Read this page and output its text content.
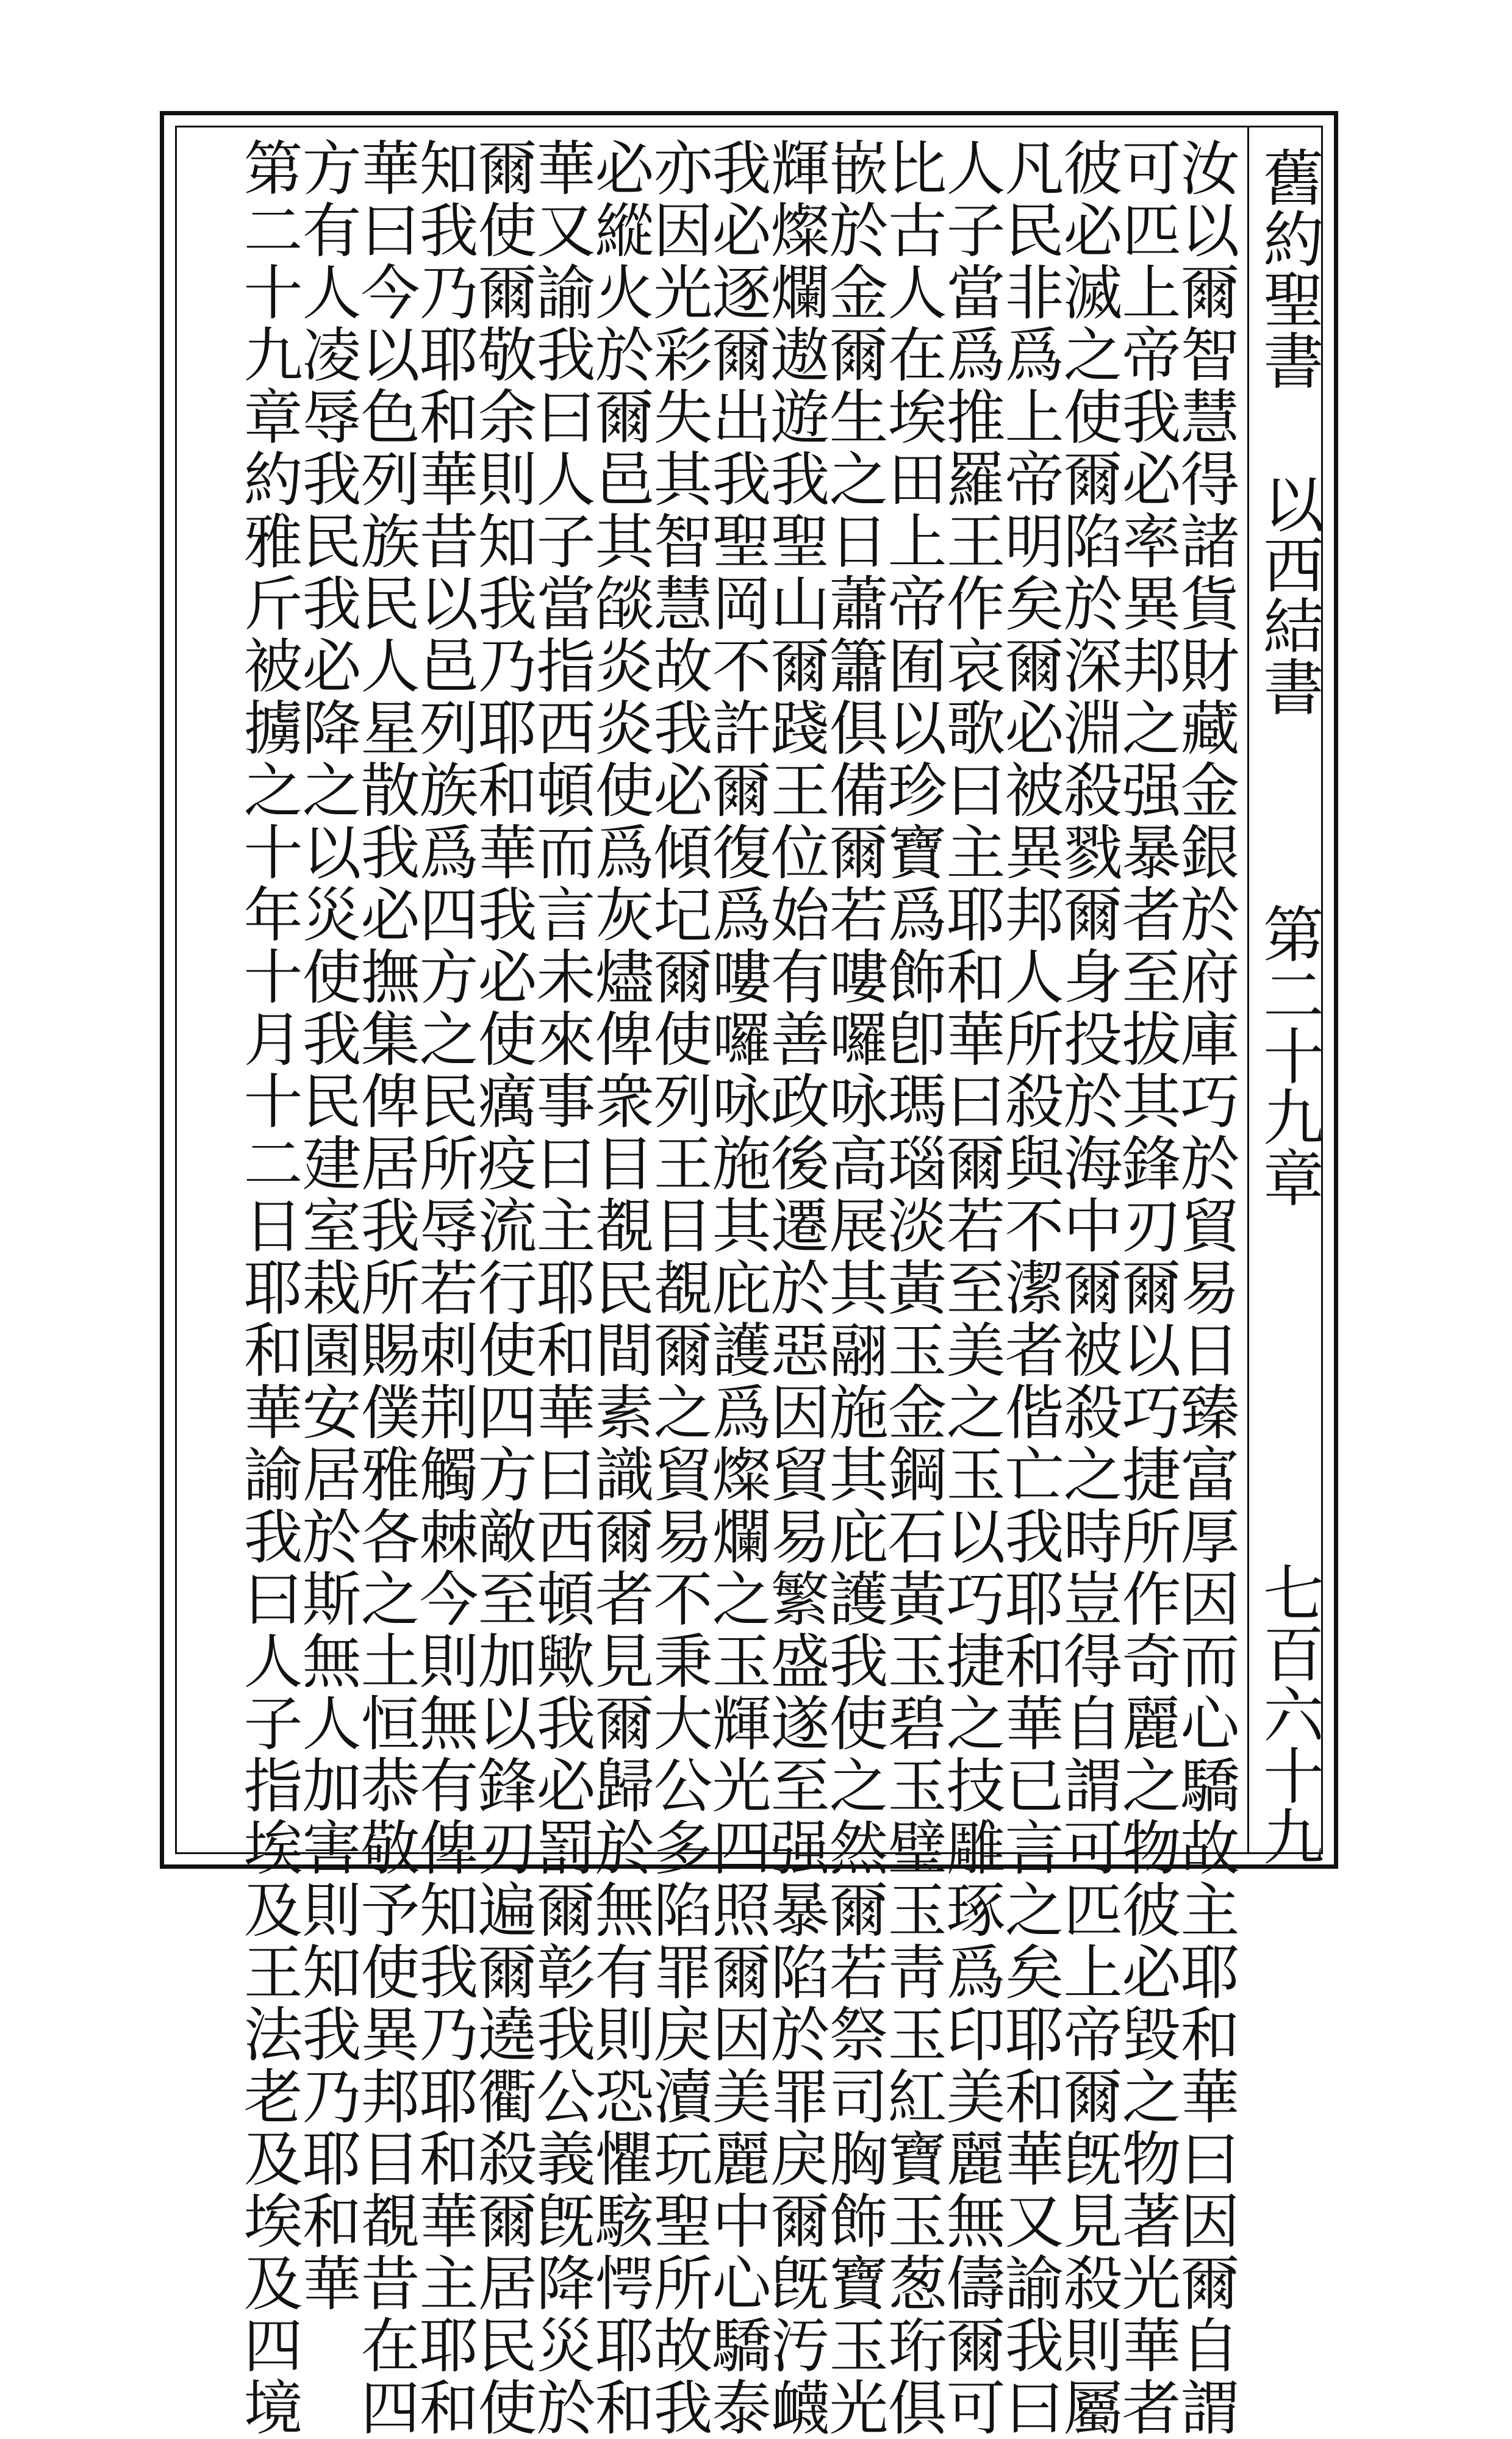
舊約聖書
以西結書
第二十九章
七百六十九
汝以爾智慧得諸貨財藏金銀於府庫巧於貿易日臻富厚因而心驕故主耶和華曰因爾自謂
可匹上帝我必率異邦之强暴者至拔其鋒刃爾以巧捷所作奇麗之物彼必毀之物著光華者
彼必滅之使爾陷於深淵殺戮爾身投於海中爾被殺之時豈得自謂可匹上帝爾旣見殺則屬
凡民非爲上帝明矣爾必被異邦人所殺與不潔者偕亡我耶和華已言之矣耶和華又諭我曰
人子當爲推羅王作哀歌曰主耶和華曰爾若至美之玉以巧捷之技雕琢爲印美麗無儔爾可
比古人在埃田上帝囿以珍寶爲飾卽瑪瑙淡黃玉金鋼石黃玉碧玉璧玉靑玉紅寶玉葱珩俱
嵌於金爾生之日蕭簫俱備爾若嘍囉咏高展其翮施其庇護我使之然爾若祭司胸飾寶玉光
輝燦爛遨遊我聖山爾踐王位始有善政後遷於惡因貿易繁盛遂至强暴陷於罪戾爾旣汚衊
我必逐爾出我聖岡不許爾復爲嘍囉咏施其庇護爲燦爛之玉輝光四照爾因美麗中心驕泰
亦因光彩失其智慧故我必傾圮爾使列王目覩爾之貿易不秉大公多陷罪戾瀆玩聖所故我
必縱火於爾邑其燄炎炎使爲灰燼俾衆目覩民間素識爾者見爾歸於無有則恐懼駭愕耶和
華又諭我曰人子當指西頓而言未來事曰主耶和華曰西頓歟我必罰爾彰我公義旣降災於
爾使爾敬余則知我乃耶和華我必使癘疫流行使四方敵至加以鋒刃遍爾遶衢殺爾居民使
知我乃耶和華昔以邑列族爲四方之民所辱若刺荆觸棘今則無有俾知我乃耶和華主耶和
華曰今以色列族民人星散我必撫集俾居我所賜僕雅各之土恒恭敬予使異邦目覩昔在四
方有人凌辱我民我必降之以災使我民建室栽園安居於斯無人加害則知我乃耶和華
第二十九章約雅斤被擄之十年十月十二日耶和華諭我曰人子指埃及王法老及埃及四境
